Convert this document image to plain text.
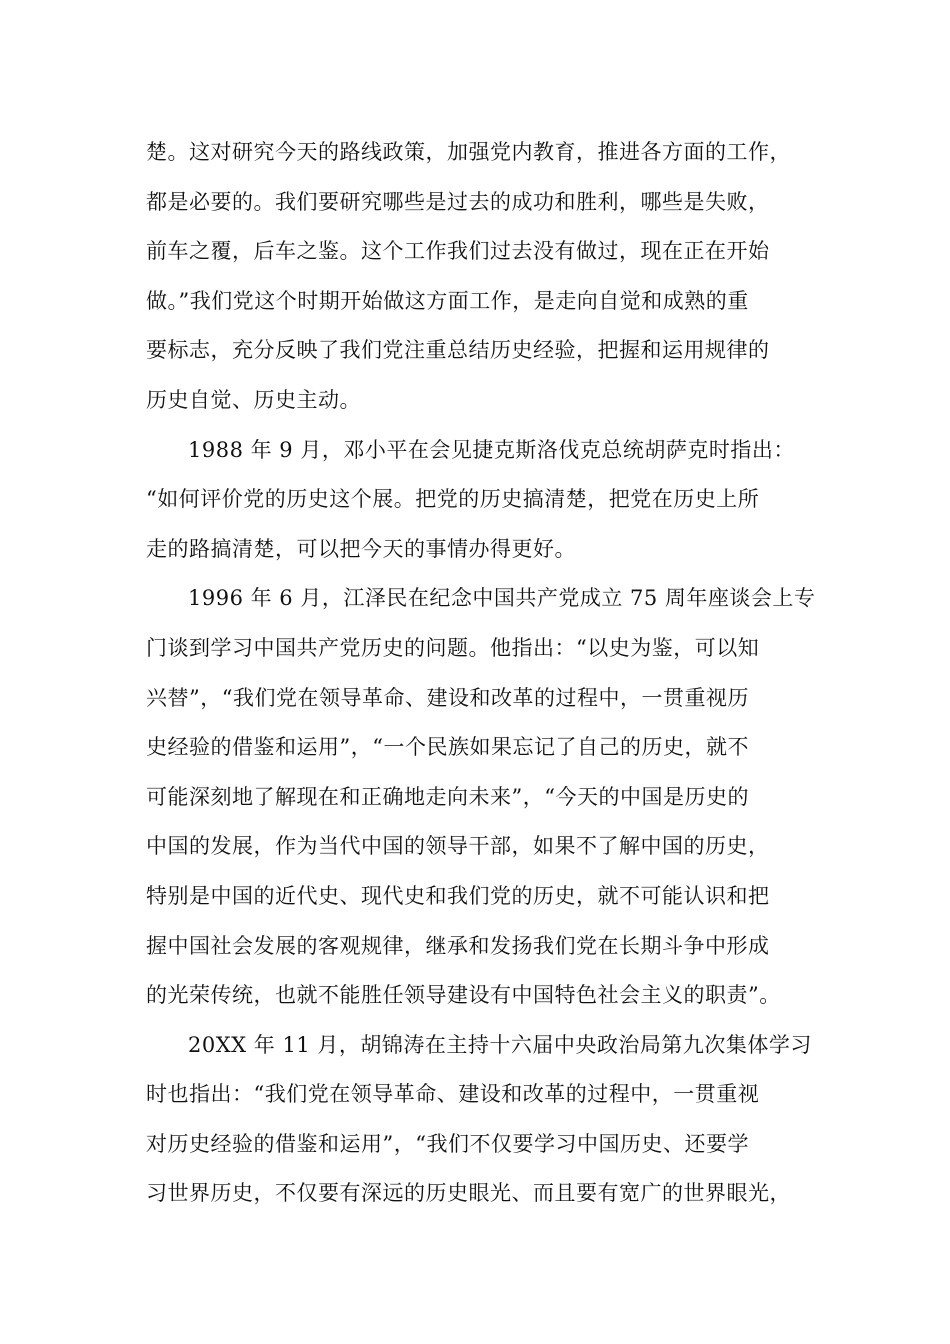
楚。这对研究今天的路线政策，加强党内教育，推进各方面的工作，
都是必要的。我们要研究哪些是过去的成功和胜利，哪些是失败，
前车之覆，后车之鉴。这个工作我们过去没有做过，现在正在开始
做。”我们党这个时期开始做这方面工作，是走向自觉和成熟的重
要标志，充分反映了我们党注重总结历史经验，把握和运用规律的
历史自觉、历史主动。
1988 年 9 月，邓小平在会见捷克斯洛伐克总统胡萨克时指出：
“如何评价党的历史这个展。把党的历史搞清楚，把党在历史上所
走的路搞清楚，可以把今天的事情办得更好。
1996 年 6 月，江泽民在纪念中国共产党成立 75 周年座谈会上专
门谈到学习中国共产党历史的问题。他指出：“以史为鉴，可以知
兴替”，“我们党在领导革命、建设和改革的过程中，一贯重视历
史经验的借鉴和运用”，“一个民族如果忘记了自己的历史，就不
可能深刻地了解现在和正确地走向未来”，“今天的中国是历史的
中国的发展，作为当代中国的领导干部，如果不了解中国的历史，
特别是中国的近代史、现代史和我们党的历史，就不可能认识和把
握中国社会发展的客观规律，继承和发扬我们党在长期斗争中形成
的光荣传统，也就不能胜任领导建设有中国特色社会主义的职责”。
20XX 年 11 月，胡锦涛在主持十六届中央政治局第九次集体学习
时也指出：“我们党在领导革命、建设和改革的过程中，一贯重视
对历史经验的借鉴和运用”，“我们不仅要学习中国历史、还要学
习世界历史，不仅要有深远的历史眼光、而且要有宽广的世界眼光，
